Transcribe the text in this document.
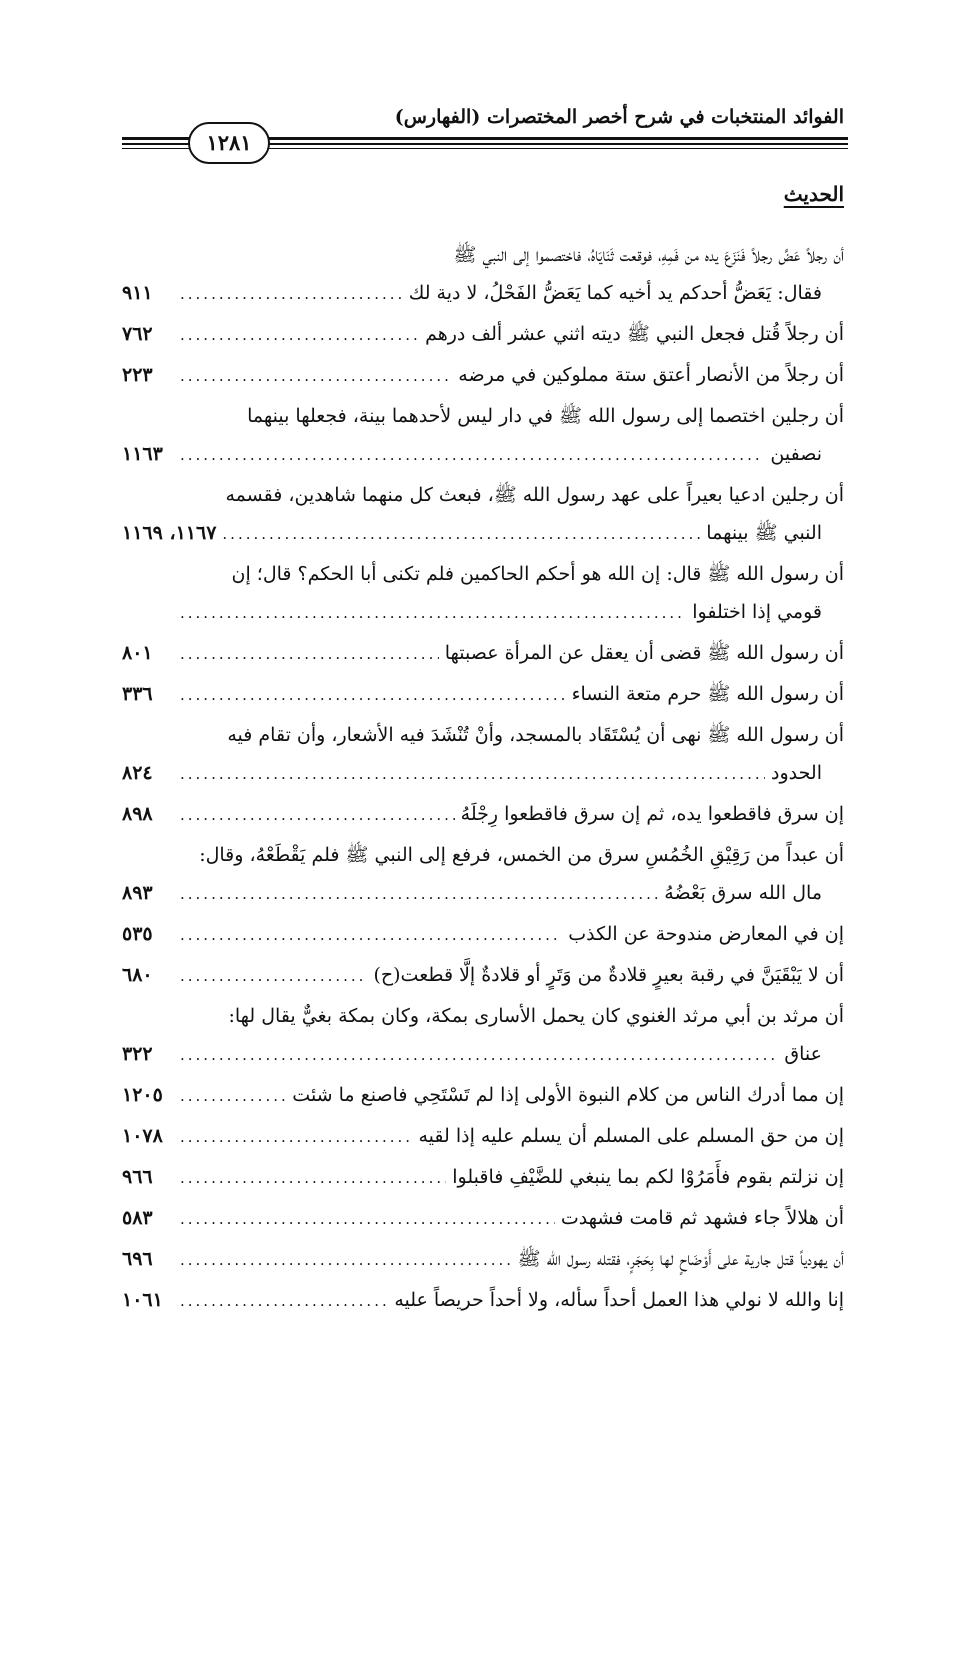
الفوائد المنتخبات في شرح أخصر المختصرات (الفهارس)
١٢٨١
الحديث
أن رجلاً عَضَّ رجلاً فَنَزَعَ يده من فَمِهِ، فوقعت ثَنَايَاهُ، فاختصموا إلى النبي ﷺ
فقال: يَعَضُّ أحدكم يد أخيه كما يَعَضُّ الفَحْلُ، لا دية لك
.....
٩١١
أن رجلاً قُتل فجعل النبي ﷺ ديته اثني عشر ألف درهم
.....
٧٦٢
أن رجلاً من الأنصار أعتق ستة مملوكين في مرضه
.....
٢٢٣
أن رجلين اختصما إلى رسول الله ﷺ في دار ليس لأحدهما بينة، فجعلها بينهما
نصفين
.....
١١٦٣
أن رجلين ادعيا بعيراً على عهد رسول الله ﷺ، فبعث كل منهما شاهدين، فقسمه
النبي ﷺ بينهما
.....
١١٦٧، ١١٦٩
أن رسول الله ﷺ قال: إن الله هو أحكم الحاكمين فلم تكنى أبا الحكم؟ قال؛ إن
قومي إذا اختلفوا
.....
أن رسول الله ﷺ قضى أن يعقل عن المرأة عصبتها
.....
٨٠١
أن رسول الله ﷺ حرم متعة النساء
.....
٣٣٦
أن رسول الله ﷺ نهى أن يُسْتَقَاد بالمسجد، وأنْ تُنْشَدَ فيه الأشعار، وأن تقام فيه
الحدود
.....
٨٢٤
إن سرق فاقطعوا يده، ثم إن سرق فاقطعوا رِجْلَهُ
.....
٨٩٨
أن عبداً من رَقِيْقِ الخُمُسِ سرق من الخمس، فرفع إلى النبي ﷺ فلم يَقْطَعْهُ، وقال:
مال الله سرق بَعْضُهُ
.....
٨٩٣
إن في المعارض مندوحة عن الكذب
.....
٥٣٥
أن لا يَبْقَيَنَّ في رقبة بعيرٍ قلادةٌ من وَتَرٍ أو قلادةٌ إلَّا قطعت(ح)
.....
٦٨٠
أن مرثد بن أبي مرثد الغنوي كان يحمل الأسارى بمكة، وكان بمكة بغيٌّ يقال لها:
عناق
.....
٣٢٢
إن مما أدرك الناس من كلام النبوة الأولى إذا لم تَسْتَحِي فاصنع ما شئت
.....
١٢٠٥
إن من حق المسلم على المسلم أن يسلم عليه إذا لقيه
.....
١٠٧٨
إن نزلتم بقوم فأَمَرُوْا لكم بما ينبغي للضَّيْفِ فاقبلوا
.....
٩٦٦
أن هلالاً جاء فشهد ثم قامت فشهدت
.....
٥٨٣
أن يهودياً قتل جارية على أَوْضَاحٍ لها بِحَجَرٍ، فقتله رسول الله ﷺ
.....
٦٩٦
إنا والله لا نولي هذا العمل أحداً سأله، ولا أحداً حريصاً عليه
.....
١٠٦١
